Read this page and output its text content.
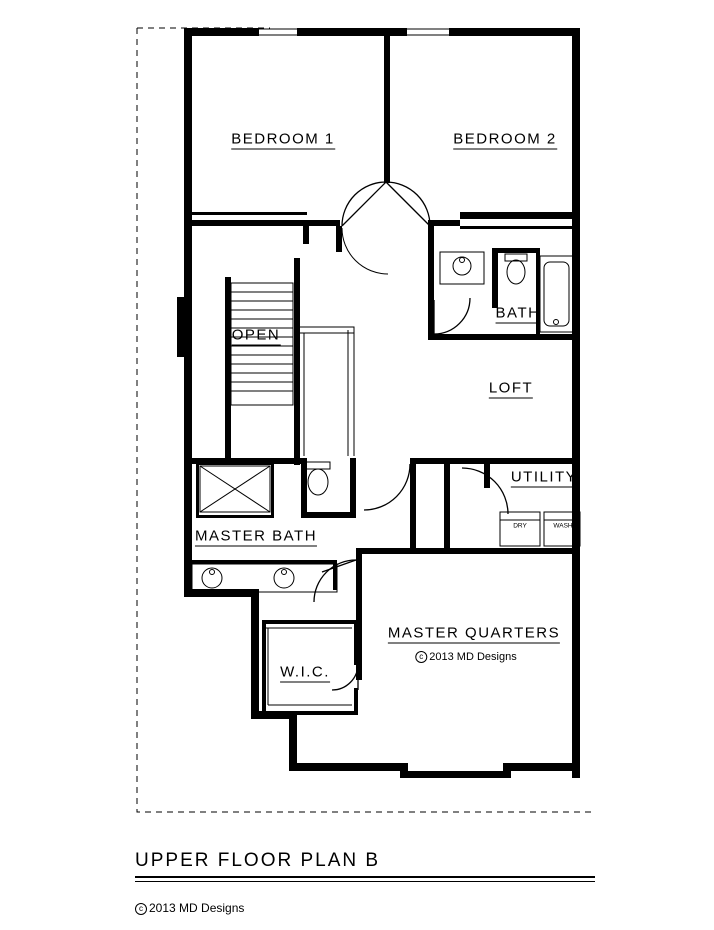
BEDROOM 1	BEDROOM 2
BATH
OPEN
LOFT
UTILITY
MASTER BATH
MASTER QUARTERS
W.I.C.
DRY	WASH
c 2013 MD Designs
UPPER FLOOR PLAN B
c 2013 MD Designs
